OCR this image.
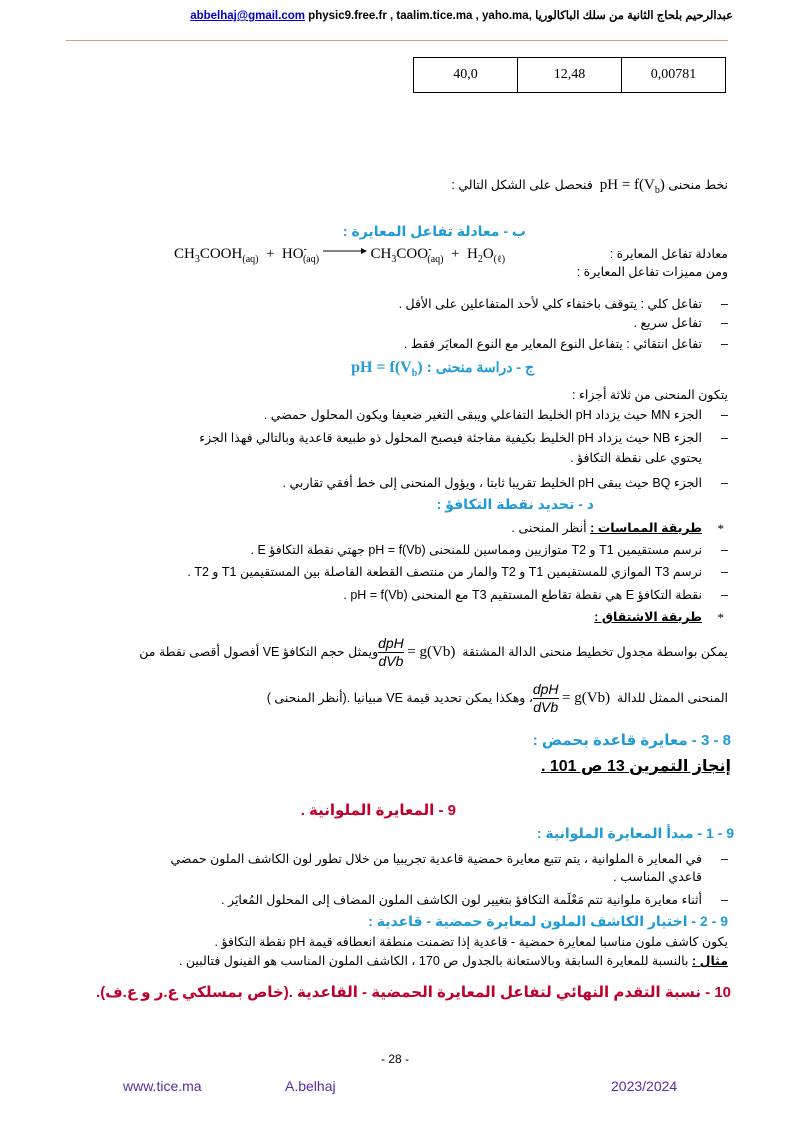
abbelhaj@gmail.com physic9.free.fr , taalim.tice.ma , yaho.ma, عبدالرحيم بلحاج الثانية من سلك الباكالوريا
40,0	12,48	0,00781
نخط منحنى pH = $f(V_b)$  فنحصل على الشكل التالي :
ب - معادلة تفاعل المعايرة :
معادلة تفاعل المعايرة :
$CH_3COOH_{(aq)} + HO^-_{(aq)}$	$CH_3COO^-_{(aq)} + H_2O_{(\ell)}$
ومن مميزات تفاعل المعايرة :
– تفاعل كلي : يتوقف باختفاء كلي لأحد المتفاعلين على الأقل .
– تفاعل سريع .
– تفاعل انتقائي : يتفاعل النوع المعاير مع النوع المعايَر فقط .
ج - دراسة منحنى pH = $f(V_b)$ :
يتكون المنحنى من ثلاثة أجزاء :
– الجزء MN حيث يزداد pH الخليط التفاعلي ويبقى التغير ضعيفا ويكون المحلول حمضي .
– الجزء NB حيث يزداد pH الخليط بكيفية مفاجئة فيصبح المحلول ذو طبيعة قاعدية وبالتالي فهذا الجزء
يحتوي على نقطة التكافؤ .
– الجزء BQ حيث يبقى pH الخليط تقريبا ثابتا ، ويؤول المنحنى إلى خط أفقي تقاربي .
د - تحديد نقطة التكافؤ :
طريقة المماسات : أنظر المنحنى .	*
– نرسم مستقيمين T1 و T2 متوازيين ومماسين للمنحنى pH = f(Vb) جهتي نقطة التكافؤ E .
– نرسم T3 الموازي للمستقيمين T1 و T2 والمار من منتصف القطعة الفاصلة بين المستقيمين T1 و T2 .
– نقطة التكافؤ E هي نقطة تقاطع المستقيم T3 مع المنحنى pH = f(Vb) .
طريقة الاشتقاق : *
يمكن بواسطة مجدول تخطيط منحنى الدالة المشتقة
$\frac{\text{dpH}}{\text{dVb}} = g(Vb)$ ويمثل حجم التكافؤ VE أفصول أقصى نقطة من
المنحنى الممثل للدالة
$\frac{\text{dpH}}{\text{dVb}} = g(Vb)$ ، وهكذا يمكن تحديد قيمة VE مبيانيا .(أنظر المنحنى )
8 - 3 - معايرة قاعدة بحمض :
إنجاز التمرين 13 ص 101 .
9 - المعايرة الملوانية .
9 - 1 - مبدأ المعايرة الملوانية :
– في المعاير ة الملوانية ، يتم تتبع معايرة حمضية قاعدية تجريبيا من خلال تطور لون الكاشف الملون حمضي
قاعدي المناسب .
– أثناء معايرة ملوانية تتم مَعْلَمة التكافؤ بتغيير لون الكاشف الملون المضاف إلى المحلول المُعايَر .
9 - 2 - اختيار الكاشف الملون لمعايرة حمضية - قاعدية :
يكون كاشف ملون مناسبا لمعايرة حمضية - قاعدية إذا تضمنت منطقة انعطافه قيمة pH نقطة التكافؤ .
مثال : بالنسبة للمعايرة السابقة وبالاستعانة بالجدول ص 170 ، الكاشف الملون المناسب هو الفينول فتالبين .
10 - نسبة التقدم النهائي لتفاعل المعايرة الحمضية - القاعدية .(خاص بمسلكي ع.ر و ع.ف).
- 28 -
www.tice.ma	A.belhaj	2023/2024
